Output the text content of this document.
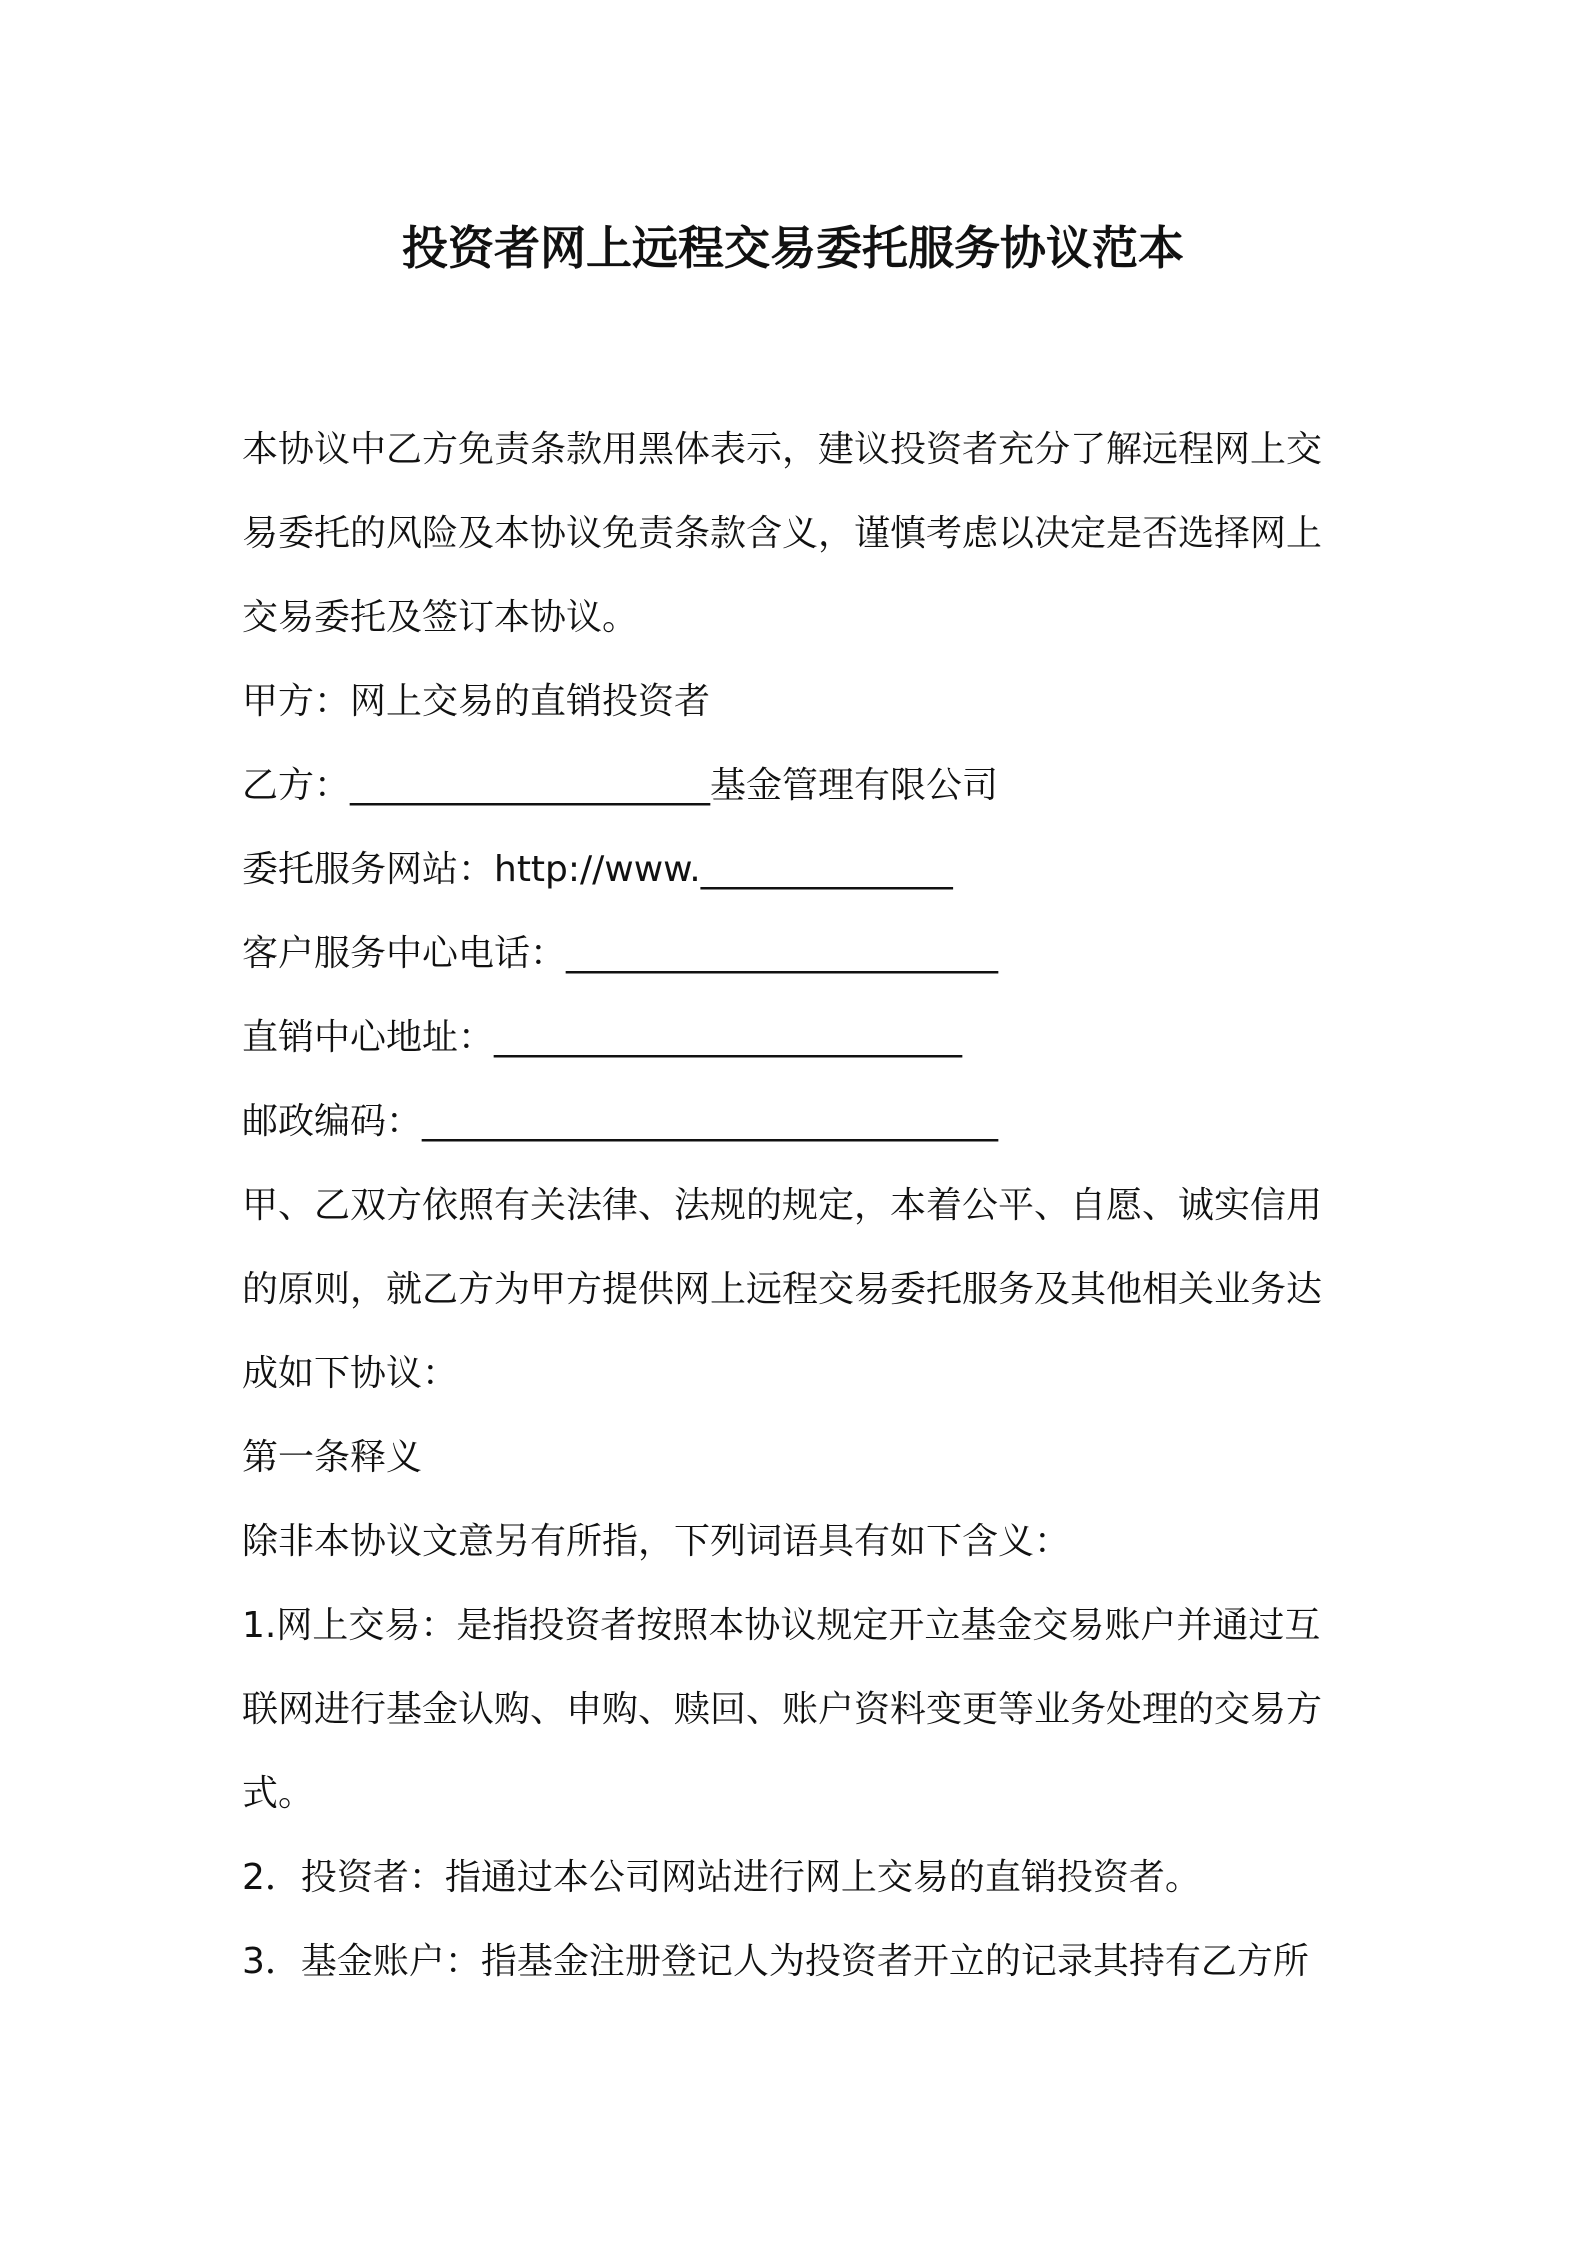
投资者网上远程交易委托服务协议范本
本协议中乙方免责条款用黑体表示，建议投资者充分了解远程网上交
易委托的风险及本协议免责条款含义，谨慎考虑以决定是否选择网上
交易委托及签订本协议。
甲方：网上交易的直销投资者
乙方：____________________基金管理有限公司
委托服务网站：http://www.______________
客户服务中心电话：________________________
直销中心地址：__________________________
邮政编码：________________________________
甲、乙双方依照有关法律、法规的规定，本着公平、自愿、诚实信用
的原则，就乙方为甲方提供网上远程交易委托服务及其他相关业务达
成如下协议：
第一条释义
除非本协议文意另有所指，下列词语具有如下含义：
1.网上交易：是指投资者按照本协议规定开立基金交易账户并通过互
联网进行基金认购、申购、赎回、账户资料变更等业务处理的交易方
式。
2．投资者：指通过本公司网站进行网上交易的直销投资者。
3．基金账户：指基金注册登记人为投资者开立的记录其持有乙方所
